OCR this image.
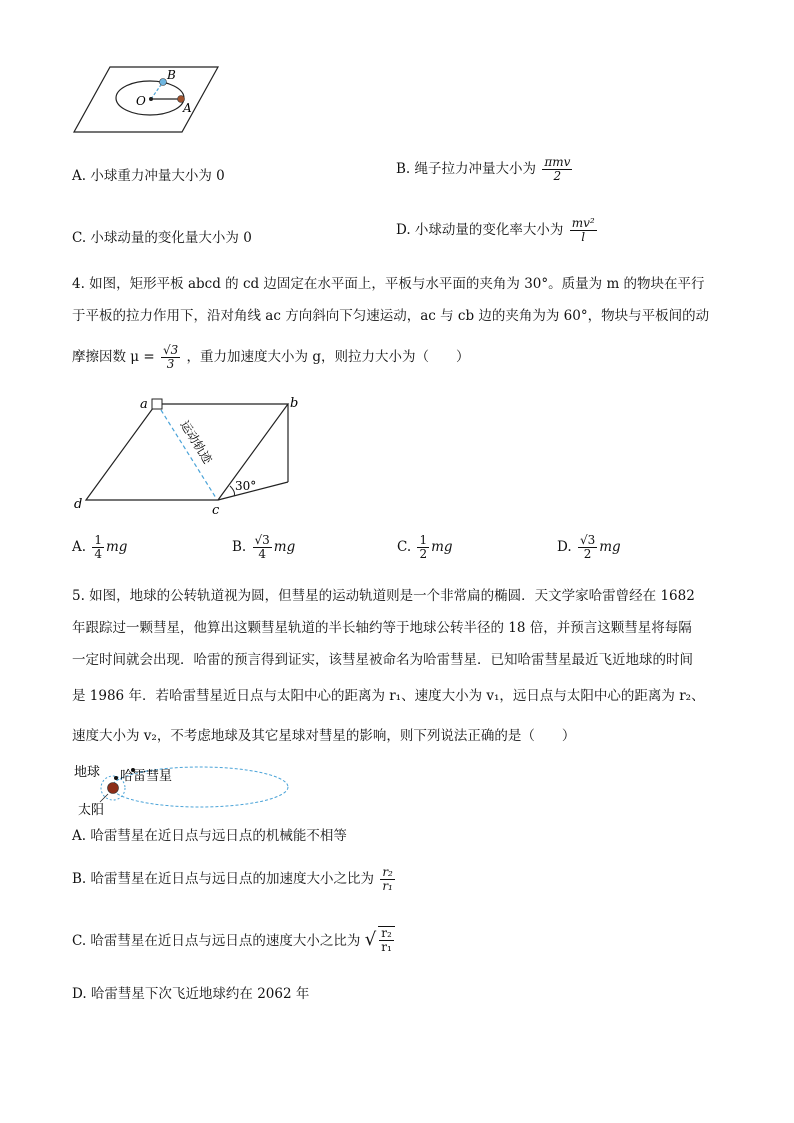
B
O	A
A. 小球重力冲量大小为 0	B. 绳子拉力冲量大小为 $\frac{\text{πmv}}{2}$
C. 小球动量的变化量大小为 0	D. 小球动量的变化率大小为 $\frac{\text{mv²}}{l}$
4. 如图，矩形平板 abcd 的 cd 边固定在水平面上，平板与水平面的夹角为 30°。质量为 m 的物块在平行
于平板的拉力作用下，沿对角线 ac 方向斜向下匀速运动，ac 与 cb 边的夹角为为 60°，物块与平板间的动
摩擦因数 $\mu = \frac{√3}{3}$ ，重力加速度大小为 g，则拉力大小为（　　）
a	b
c
d
30°
运动轨迹
A. $\frac{1}{4}$ mg	B. $\frac{√3}{4}$ mg	C. $\frac{1}{2}$ mg	D. $\frac{√3}{2}$ mg
5. 如图，地球的公转轨道视为圆，但彗星的运动轨道则是一个非常扁的椭圆．天文学家哈雷曾经在 1682
年跟踪过一颗彗星，他算出这颗彗星轨道的半长轴约等于地球公转半径的 18 倍，并预言这颗彗星将每隔
一定时间就会出现．哈雷的预言得到证实，该彗星被命名为哈雷彗星．已知哈雷彗星最近飞近地球的时间
是 1986 年．若哈雷彗星近日点与太阳中心的距离为 r₁、速度大小为 v₁，远日点与太阳中心的距离为 r₂、
速度大小为 v₂，不考虑地球及其它星球对彗星的影响，则下列说法正确的是（　　）
地球 哈雷彗星
太阳
A. 哈雷彗星在近日点与远日点的机械能不相等
B. 哈雷彗星在近日点与远日点的加速度大小之比为 $\frac{\text{r₂}}{\text{r₁}}$
C. 哈雷彗星在近日点与远日点的速度大小之比为 √ $\frac{\text{r₂}}{\text{r₁}}$
D. 哈雷彗星下次飞近地球约在 2062 年
